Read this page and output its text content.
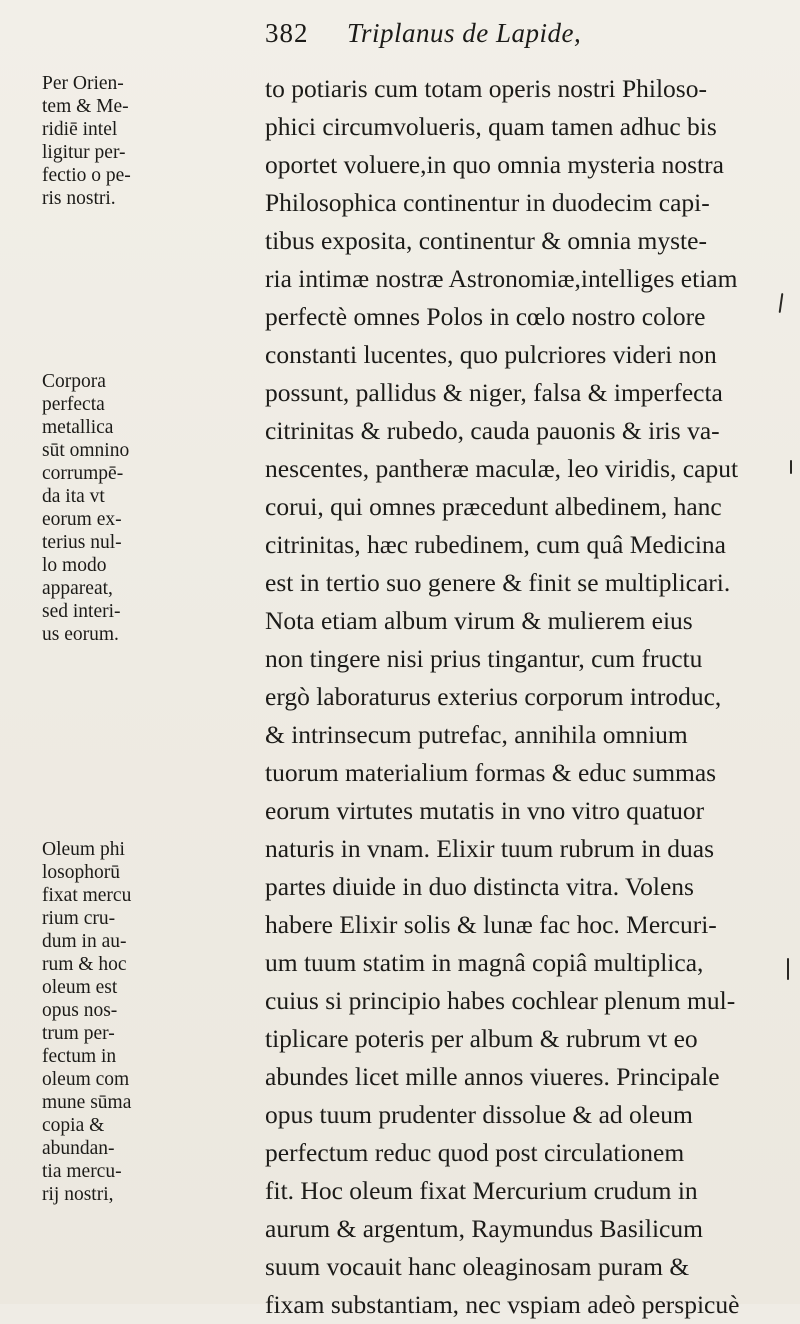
382 Triplanus de Lapide,
to potiaris cum totam operis nostri Philoso-
phici circumvolueris, quam tamen adhuc bis
oportet voluere,in quo omnia mysteria nostra
Philosophica continentur in duodecim capi-
tibus exposita, continentur & omnia myste-
ria intimæ nostræ Astronomiæ,intelliges etiam
perfectè omnes Polos in cœlo nostro colore
constanti lucentes, quo pulcriores videri non
possunt, pallidus & niger, falsa & imperfecta
citrinitas & rubedo, cauda pauonis & iris va-
nescentes, pantheræ maculæ, leo viridis, caput
corui, qui omnes præcedunt albedinem, hanc
citrinitas, hæc rubedinem, cum quâ Medicina
est in tertio suo genere & finit se multiplicari.
Nota etiam album virum & mulierem eius
non tingere nisi prius tingantur, cum fructu
ergò laboraturus exterius corporum introduc,
& intrinsecum putrefac, annihila omnium
tuorum materialium formas & educ summas
eorum virtutes mutatis in vno vitro quatuor
naturis in vnam. Elixir tuum rubrum in duas
partes diuide in duo distincta vitra. Volens
habere Elixir solis & lunæ fac hoc. Mercuri-
um tuum statim in magnâ copiâ multiplica,
cuius si principio habes cochlear plenum mul-
tiplicare poteris per album & rubrum vt eo
abundes licet mille annos viueres. Principale
opus tuum prudenter dissolue & ad oleum
perfectum reduc quod post circulationem
fit. Hoc oleum fixat Mercurium crudum in
aurum & argentum, Raymundus Basilicum
suum vocauit hanc oleaginosam puram &
fixam substantiam, nec vspiam adeò perspicuè
Per Orien-
tem & Me-
ridiē intel
ligitur per-
fectio o pe-
ris nostri.
Corpora
perfecta
metallica
sūt omnino
corrumpē-
da ita vt
eorum ex-
terius nul-
lo modo
appareat,
sed interi-
us eorum.
Oleum phi
losophorū
fixat mercu
rium cru-
dum in au-
rum & hoc
oleum est
opus nos-
trum per-
fectum in
oleum com
mune sūma
copia &
abundan-
tia mercu-
rij nostri,
